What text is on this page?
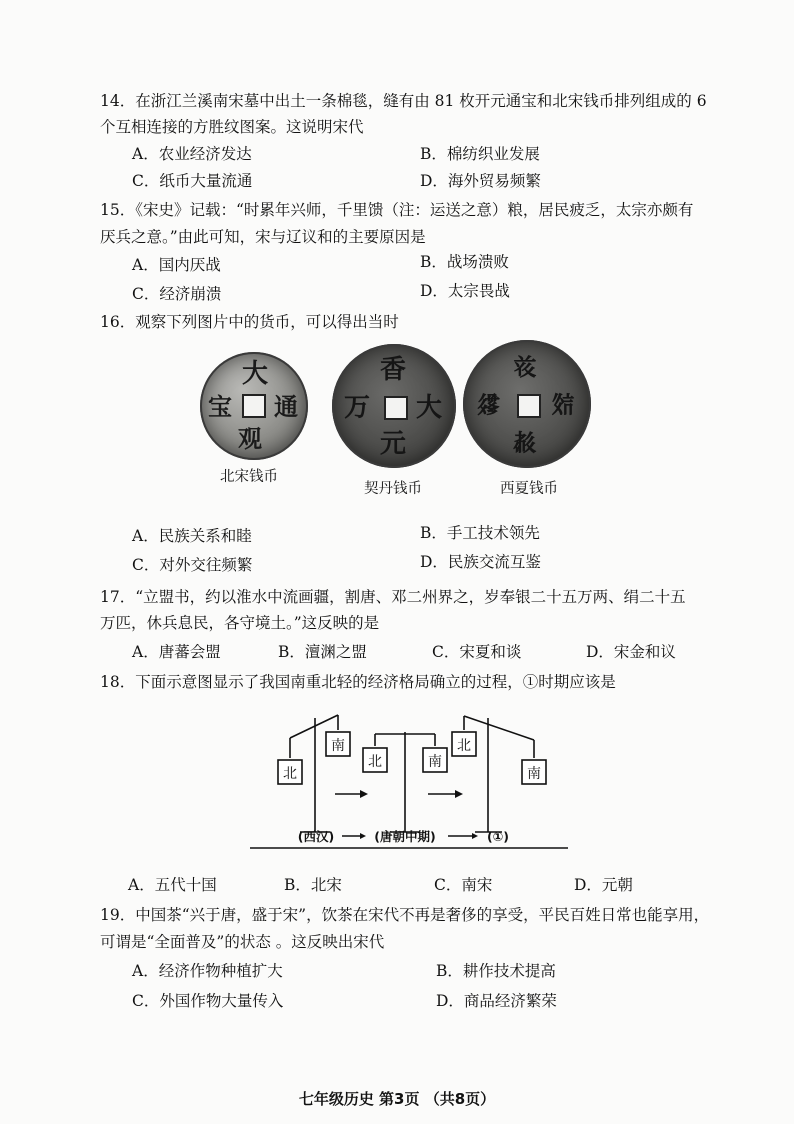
14．在浙江兰溪南宋墓中出土一条棉毯，缝有由 81 枚开元通宝和北宋钱币排列组成的 6
个互相连接的方胜纹图案。这说明宋代
A．农业经济发达	B．棉纺织业发展
C．纸币大量流通	D．海外贸易频繁
15．《宋史》记载：“时累年兴师，千里馈（注：运送之意）粮，居民疲乏，太宗亦颇有
厌兵之意。”由此可知，宋与辽议和的主要原因是
A．国内厌战	B．战场溃败
C．经济崩溃	D．太宗畏战
16．观察下列图片中的货币，可以得出当时
大
通
观
宝
北宋钱币
香
大
元
万
契丹钱币
𘝞
𗼻
𗳒
𗧘
西夏钱币
A．民族关系和睦	B．手工技术领先
C．对外交往频繁	D．民族交流互鉴
17．“立盟书，约以淮水中流画疆，割唐、邓二州界之，岁奉银二十五万两、绢二十五
万匹，休兵息民，各守境土。”这反映的是
A．唐蕃会盟	B．澶渊之盟	C．宋夏和谈	D．宋金和议
18．下面示意图显示了我国南重北轻的经济格局确立的过程，①时期应该是
北
南
北	南
北
南
(西汉)	(唐朝中期)	(①)
A．五代十国	B．北宋	C．南宋	D．元朝
19．中国茶“兴于唐，盛于宋”，饮茶在宋代不再是奢侈的享受，平民百姓日常也能享用，
可谓是“全面普及”的状态 。这反映出宋代
A．经济作物种植扩大	B．耕作技术提高
C．外国作物大量传入	D．商品经济繁荣
七年级历史 第3页 （共8页）
